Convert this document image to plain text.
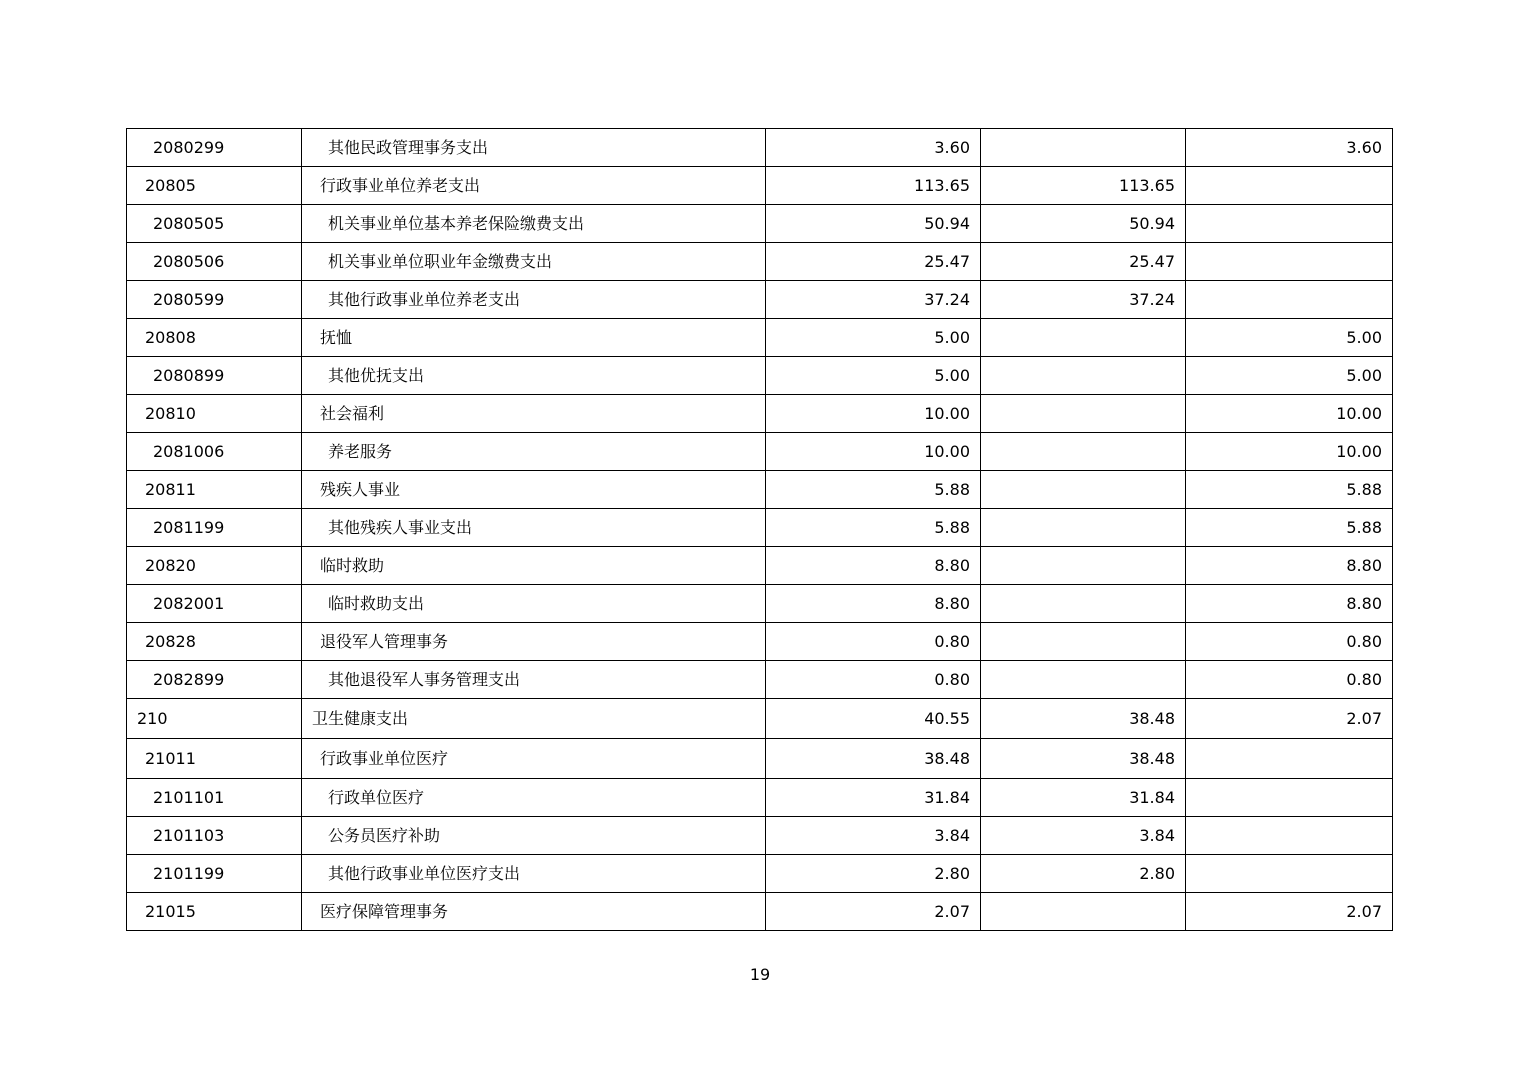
2080299	其他民政管理事务支出	3.60		3.60
20805	行政事业单位养老支出	113.65	113.65	
2080505	机关事业单位基本养老保险缴费支出	50.94	50.94	
2080506	机关事业单位职业年金缴费支出	25.47	25.47	
2080599	其他行政事业单位养老支出	37.24	37.24	
20808	抚恤	5.00		5.00
2080899	其他优抚支出	5.00		5.00
20810	社会福利	10.00		10.00
2081006	养老服务	10.00		10.00
20811	残疾人事业	5.88		5.88
2081199	其他残疾人事业支出	5.88		5.88
20820	临时救助	8.80		8.80
2082001	临时救助支出	8.80		8.80
20828	退役军人管理事务	0.80		0.80
2082899	其他退役军人事务管理支出	0.80		0.80
210	卫生健康支出	40.55	38.48	2.07
21011	行政事业单位医疗	38.48	38.48	
2101101	行政单位医疗	31.84	31.84	
2101103	公务员医疗补助	3.84	3.84	
2101199	其他行政事业单位医疗支出	2.80	2.80	
21015	医疗保障管理事务	2.07		2.07
19
